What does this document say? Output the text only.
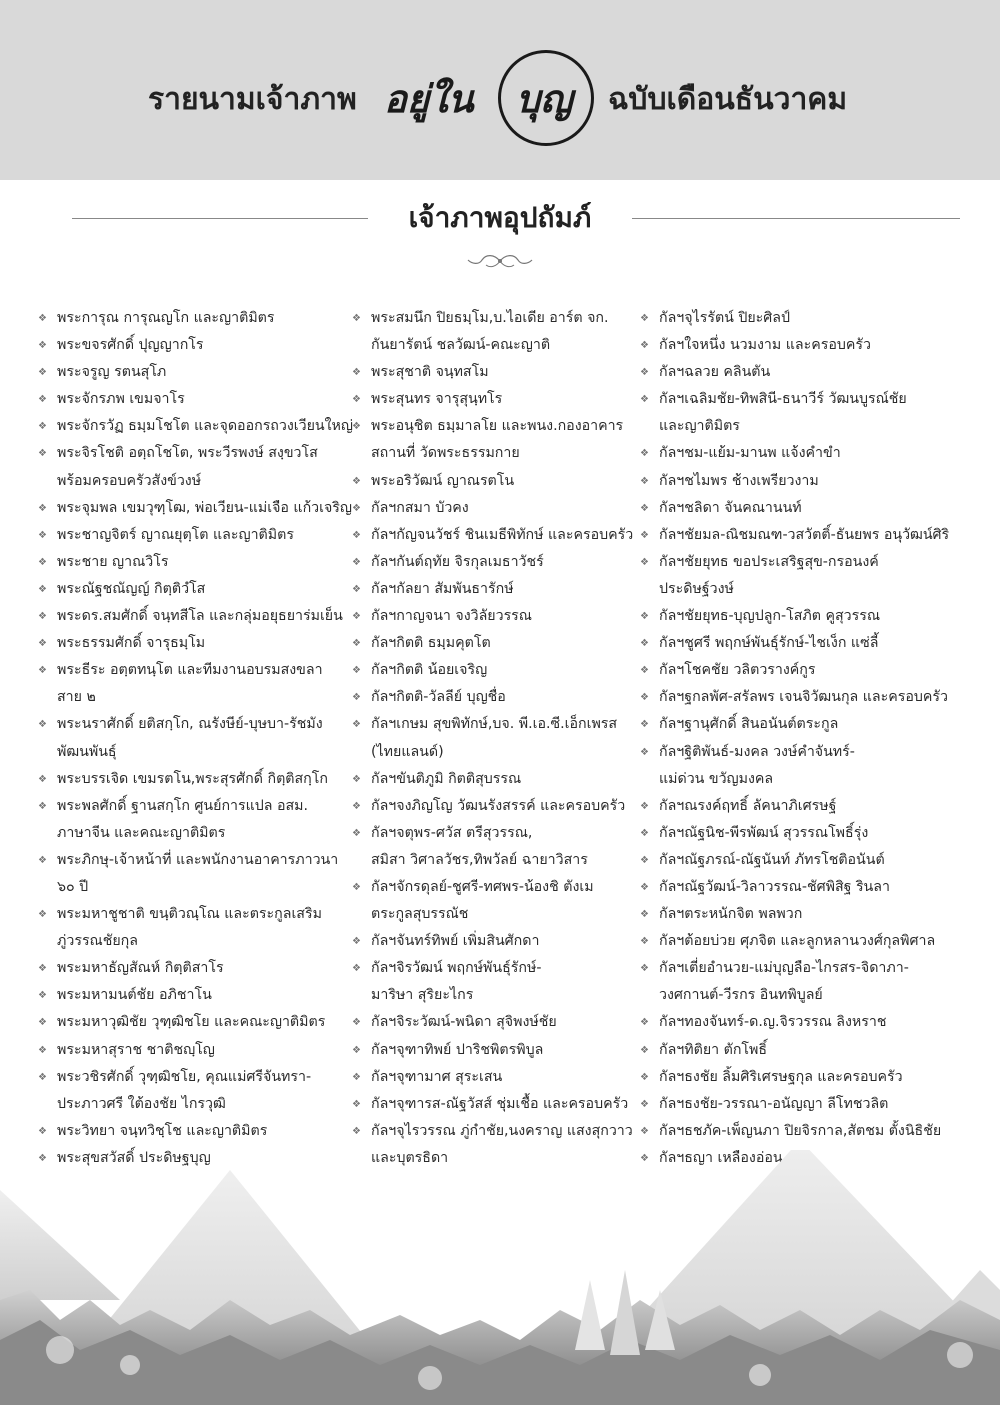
รายนามเจ้าภาพ อยู่ใน บุญ ฉบับเดือนธันวาคม
เจ้าภาพอุปถัมภ์
❖ พระการุณ การุณญโก และญาติมิตร
❖ พระขจรศักดิ์ ปุญญากโร
❖ พระจรูญ รตนสุโภ
❖ พระจักรภพ เขมจาโร
❖ พระจักรวัฏ ธมฺมโชโต และจุดออกรถวงเวียนใหญ่
❖ พระจิรโชติ อตฺถโชโต, พระวีรพงษ์ สงฺขวโส
พร้อมครอบครัวสังข์วงษ์
❖ พระจุมพล เขมวุฑฺโฒ, พ่อเวียน-แม่เจือ แก้วเจริญ
❖ พระชาญจิตร์ ญาณยุตฺโต และญาติมิตร
❖ พระชาย ญาณวิโร
❖ พระณัฐชณัญญ์ กิตฺติวํโส
❖ พระดร.สมศักดิ์ จนฺทสีโล และกลุ่มอยุธยาร่มเย็น
❖ พระธรรมศักดิ์ จารุธมฺโม
❖ พระธีระ อตฺตทนฺโต และทีมงานอบรมสงขลา
สาย ๒
❖ พระนราศักดิ์ ยติสกฺโก, ณรังษีย์-บุษบา-รัชมัง
พัฒนพันธุ์
❖ พระบรรเจิด เขมรตโน,พระสุรศักดิ์ กิตฺติสกฺโก
❖ พระพลศักดิ์ ฐานสกฺโก ศูนย์การแปล อสม.
ภาษาจีน และคณะญาติมิตร
❖ พระภิกษุ-เจ้าหน้าที่ และพนักงานอาคารภาวนา
๖๐ ปี
❖ พระมหาชูชาติ ขนฺติวณฺโณ และตระกูลเสริม
ภู่วรรณชัยกุล
❖ พระมหาธัญสัณห์ กิตฺติสาโร
❖ พระมหามนต์ชัย อภิชาโน
❖ พระมหาวุฒิชัย วุฑฺฒิชโย และคณะญาติมิตร
❖ พระมหาสุราช ชาติชญฺโญ
❖ พระวชิรศักดิ์ วุฑฺฒิชโย, คุณแม่ศรีจันทรา-
ประภาวศรี ใต้องชัย ไกรวุฒิ
❖ พระวิทยา จนฺทวิชฺโช และญาติมิตร
❖ พระสุขสวัสดิ์ ประดิษฐบุญ
❖ พระสมนึก ปิยธมฺโม,บ.ไอเดีย อาร์ต จก.
กันยารัตน์ ชลวัฒน์-คณะญาติ
❖ พระสุชาติ จนฺทสโม
❖ พระสุนทร จารุสุนฺทโร
❖ พระอนุชิต ธมฺมาลโย และพนง.กองอาคาร
สถานที่ วัดพระธรรมกาย
❖ พระอริวัฒน์ ญาณรตโน
❖ กัลฯกสมา บัวคง
❖ กัลฯกัญจนวัชร์ ชินเมธีพิทักษ์ และครอบครัว
❖ กัลฯกันต์ฤทัย จิรกุลเมธาวัชร์
❖ กัลฯกัลยา สัมพันธารักษ์
❖ กัลฯกาญจนา จงวิลัยวรรณ
❖ กัลฯกิตติ ธมฺมคุตโต
❖ กัลฯกิตติ น้อยเจริญ
❖ กัลฯกิตติ-วัลลีย์ บุญชื่อ
❖ กัลฯเกษม สุขพิทักษ์,บจ. พี.เอ.ซี.เอ็กเพรส
(ไทยแลนด์)
❖ กัลฯขันติภูมิ กิตติสุบรรณ
❖ กัลฯจงภิญโญ วัฒนรังสรรค์ และครอบครัว
❖ กัลฯจตุพร-ศวัส ตรีสุวรรณ,
สมิสา วิศาลวัชร,ทิพวัลย์ ฉายาวิสาร
❖ กัลฯจักรดุลย์-ชูศรี-ทศพร-น้องชิ ตังเม
ตระกูลสุบรรณัช
❖ กัลฯจันทร์ทิพย์ เพิ่มสินศักดา
❖ กัลฯจิรวัฒน์ พฤกษ์พันธุ์รักษ์-
มาริษา สุริยะไกร
❖ กัลฯจิระวัฒน์-พนิดา สุจิพงษ์ชัย
❖ กัลฯจุฑาทิพย์ ปาริชพิตรพิบูล
❖ กัลฯจุฑามาศ สุระเสน
❖ กัลฯจุฑารส-ณัฐวัสส์ ชุ่มเชื้อ และครอบครัว
❖ กัลฯจุไรวรรณ ภู่กำชัย,นงคราญ แสงสุกวาว
และบุตรธิดา
❖ กัลฯจุไรรัตน์ ปิยะศิลป์
❖ กัลฯใจหนึ่ง นวมงาม และครอบครัว
❖ กัลฯฉลวย คลินตัน
❖ กัลฯเฉลิมชัย-ทิพสินี-ธนาวีร์ วัฒนบูรณ์ชัย
และญาติมิตร
❖ กัลฯชม-แย้ม-มานพ แจ้งคำขำ
❖ กัลฯชไมพร ช้างเพรียวงาม
❖ กัลฯชลิดา จันคณานนท์
❖ กัลฯชัยมล-ณิชมณฑ-วสวัตติ์-ธันยพร อนุวัฒน์ศิริ
❖ กัลฯชัยยุทธ ขอประเสริฐสุข-กรอนงค์
ประดิษฐ์วงษ์
❖ กัลฯชัยยุทธ-บุญปลูก-โสภิต คูสุวรรณ
❖ กัลฯชูศรี พฤกษ์พันธุ์รักษ์-ไชเง็ก แซ่ลี้
❖ กัลฯโชคชัย วลิตวรางค์กูร
❖ กัลฯฐกลพัศ-สรัลพร เจนจิวัฒนกุล และครอบครัว
❖ กัลฯฐานุศักดิ์ สินอนันต์ตระกูล
❖ กัลฯฐิติพันธ์-มงคล วงษ์คำจันทร์-
แม่ด่วน ขวัญมงคล
❖ กัลฯณรงค์ฤทธิ์ ลัคนาภิเศรษฐ์
❖ กัลฯณัฐนิช-พีรพัฒน์ สุวรรณโพธิ์รุ่ง
❖ กัลฯณัฐภรณ์-ณัฐนันท์ ภัทรโชติอนันต์
❖ กัลฯณัฐวัฒน์-วิลาวรรณ-ชัศพิสิฐ รินลา
❖ กัลฯตระหนักจิต พลพวก
❖ กัลฯต้อยบ่วย ศุภจิต และลูกหลานวงศ์กุลพิศาล
❖ กัลฯเตี่ยอำนวย-แม่บุญลือ-ไกรสร-จิดาภา-
วงศกานต์-วีรกร อินทพิบูลย์
❖ กัลฯทองจันทร์-ด.ญ.จิรวรรณ ลิงหราช
❖ กัลฯทิติยา ตักโพธิ์
❖ กัลฯธงชัย ลิ้มศิริเศรษฐกุล และครอบครัว
❖ กัลฯธงชัย-วรรณา-อนัญญา ลีโทชวลิต
❖ กัลฯธชภัค-เพ็ญนภา ปิยจิรกาล,สัตชม ตั้งนิธิชัย
❖ กัลฯธญา เหลืองอ่อน
